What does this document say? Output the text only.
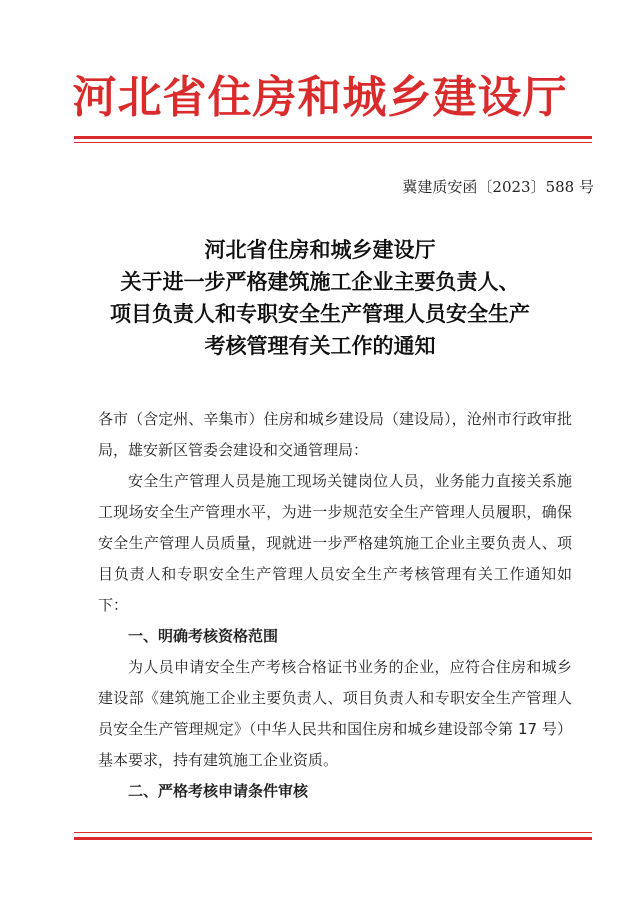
河北省住房和城乡建设厅
冀建质安函〔2023〕588 号
河北省住房和城乡建设厅
关于进一步严格建筑施工企业主要负责人、
项目负责人和专职安全生产管理人员安全生产
考核管理有关工作的通知

各市（含定州、辛集市）住房和城乡建设局（建设局），沧州市行政审批局，雄安新区管委会建设和交通管理局：

安全生产管理人员是施工现场关键岗位人员，业务能力直接关系施工现场安全生产管理水平，为进一步规范安全生产管理人员履职，确保安全生产管理人员质量，现就进一步严格建筑施工企业主要负责人、项目负责人和专职安全生产管理人员安全生产考核管理有关工作通知如下：

一、明确考核资格范围

为人员申请安全生产考核合格证书业务的企业，应符合住房和城乡建设部《建筑施工企业主要负责人、项目负责人和专职安全生产管理人员安全生产管理规定》（中华人民共和国住房和城乡建设部令第 17 号）基本要求，持有建筑施工企业资质。

二、严格考核申请条件审核
